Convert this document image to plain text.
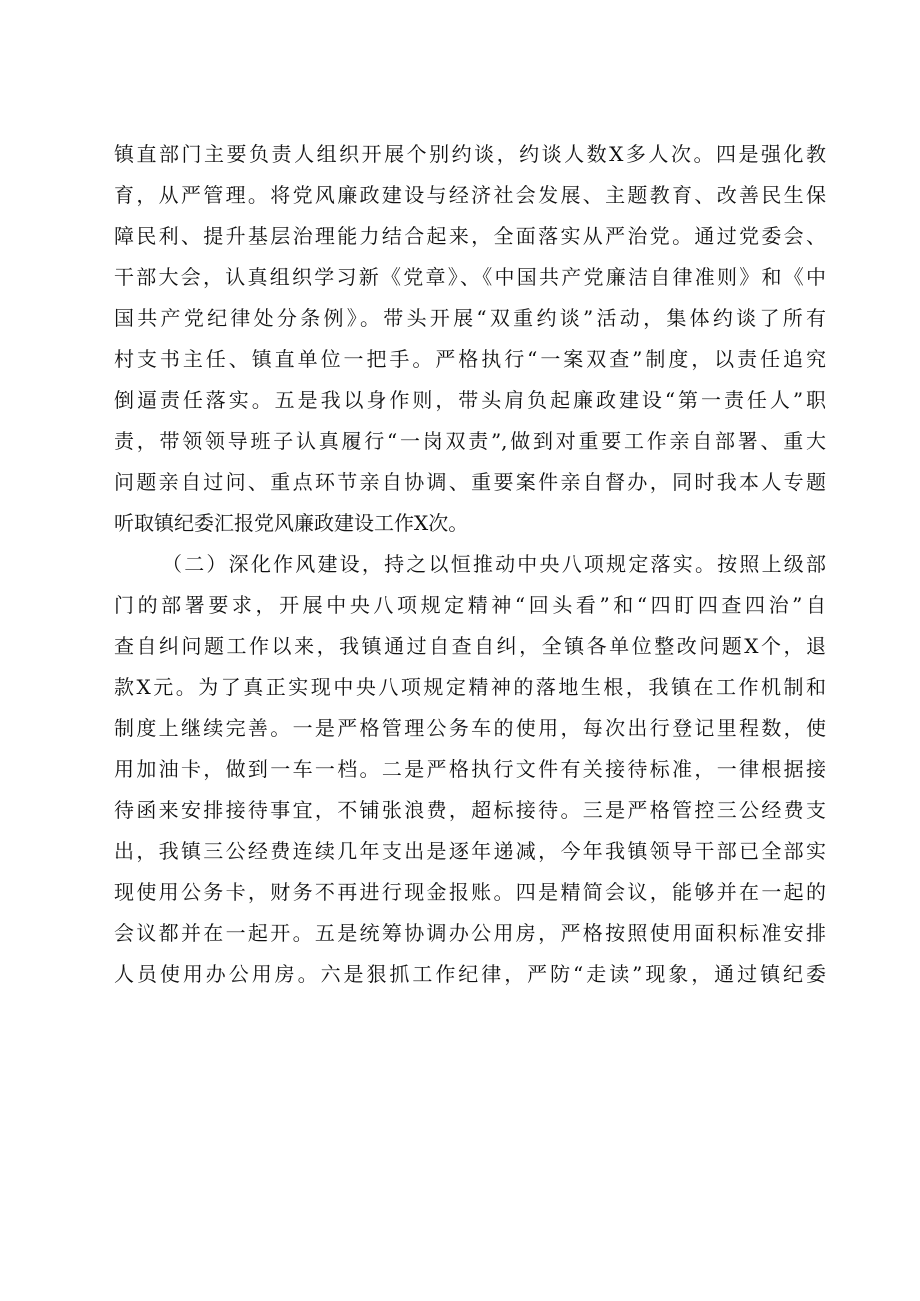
镇直部门主要负责人组织开展个别约谈，约谈人数X多人次。四是强化教
育，从严管理。将党风廉政建设与经济社会发展、主题教育、改善民生保
障民利、提升基层治理能力结合起来，全面落实从严治党。通过党委会、
干部大会，认真组织学习新《党章》、《中国共产党廉洁自律准则》和《中
国共产党纪律处分条例》。带头开展“双重约谈”活动，集体约谈了所有
村支书主任、镇直单位一把手。严格执行“一案双查”制度，以责任追究
倒逼责任落实。五是我以身作则，带头肩负起廉政建设“第一责任人”职
责，带领领导班子认真履行“一岗双责”,做到对重要工作亲自部署、重大
问题亲自过问、重点环节亲自协调、重要案件亲自督办，同时我本人专题
听取镇纪委汇报党风廉政建设工作X次。
（二）深化作风建设，持之以恒推动中央八项规定落实。按照上级部
门的部署要求，开展中央八项规定精神“回头看”和“四盯四查四治”自
查自纠问题工作以来，我镇通过自查自纠，全镇各单位整改问题X个，退
款X元。为了真正实现中央八项规定精神的落地生根，我镇在工作机制和
制度上继续完善。一是严格管理公务车的使用，每次出行登记里程数，使
用加油卡，做到一车一档。二是严格执行文件有关接待标准，一律根据接
待函来安排接待事宜，不铺张浪费，超标接待。三是严格管控三公经费支
出，我镇三公经费连续几年支出是逐年递减，今年我镇领导干部已全部实
现使用公务卡，财务不再进行现金报账。四是精简会议，能够并在一起的
会议都并在一起开。五是统筹协调办公用房，严格按照使用面积标准安排
人员使用办公用房。六是狠抓工作纪律，严防“走读”现象，通过镇纪委
